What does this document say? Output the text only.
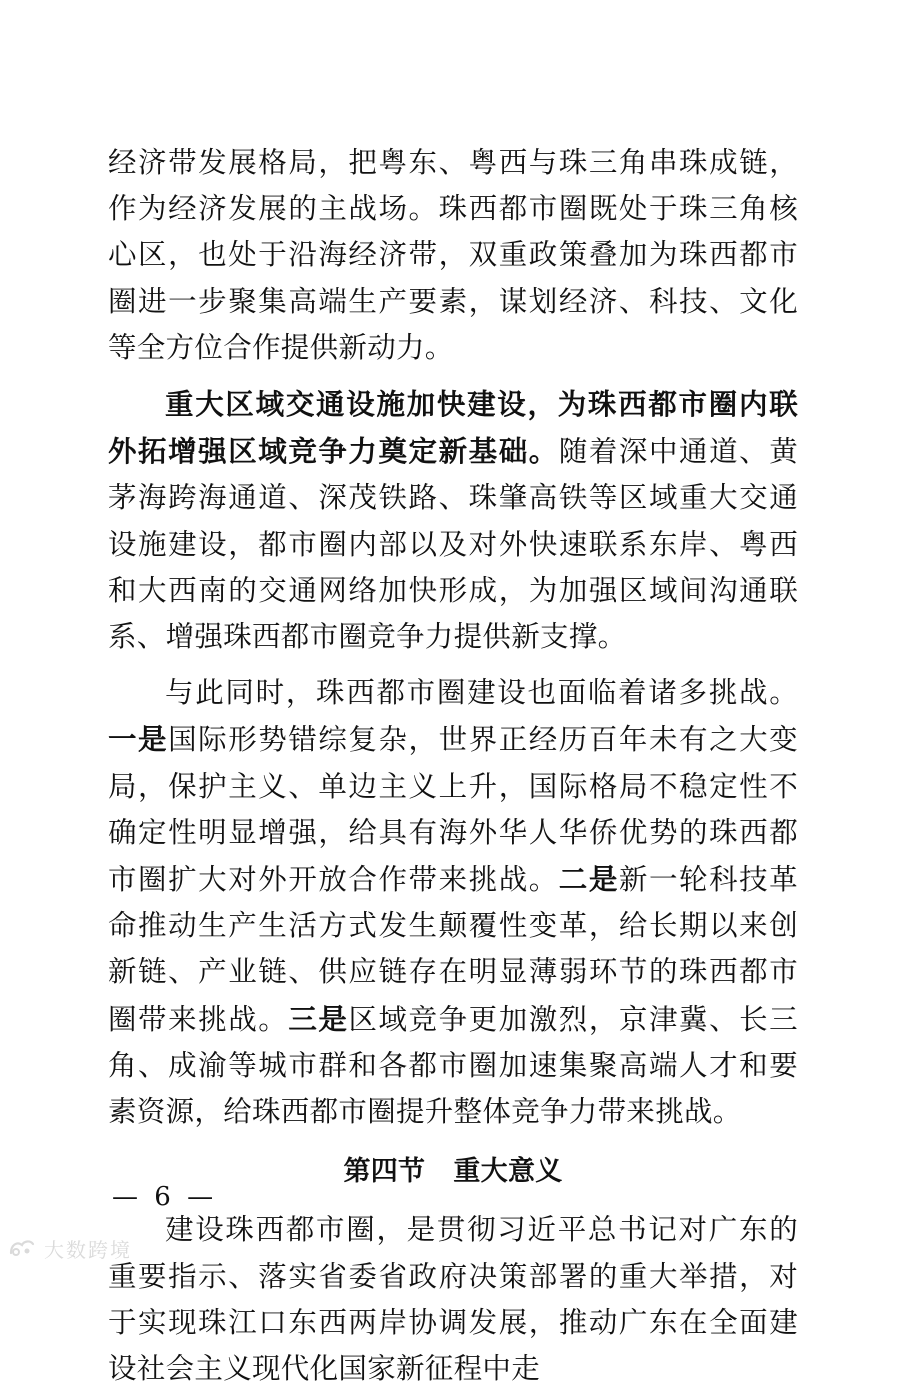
经济带发展格局，把粤东、粤西与珠三角串珠成链，作为经济发展的主战场。珠西都市圈既处于珠三角核心区，也处于沿海经济带，双重政策叠加为珠西都市圈进一步聚集高端生产要素，谋划经济、科技、文化等全方位合作提供新动力。

重大区域交通设施加快建设，为珠西都市圈内联外拓增强区域竞争力奠定新基础。随着深中通道、黄茅海跨海通道、深茂铁路、珠肇高铁等区域重大交通设施建设，都市圈内部以及对外快速联系东岸、粤西和大西南的交通网络加快形成，为加强区域间沟通联系、增强珠西都市圈竞争力提供新支撑。

与此同时，珠西都市圈建设也面临着诸多挑战。一是国际形势错综复杂，世界正经历百年未有之大变局，保护主义、单边主义上升，国际格局不稳定性不确定性明显增强，给具有海外华人华侨优势的珠西都市圈扩大对外开放合作带来挑战。二是新一轮科技革命推动生产生活方式发生颠覆性变革，给长期以来创新链、产业链、供应链存在明显薄弱环节的珠西都市圈带来挑战。三是区域竞争更加激烈，京津冀、长三角、成渝等城市群和各都市圈加速集聚高端人才和要素资源，给珠西都市圈提升整体竞争力带来挑战。

第四节 重大意义

建设珠西都市圈，是贯彻习近平总书记对广东的重要指示、落实省委省政府决策部署的重大举措，对于实现珠江口东西两岸协调发展，推动广东在全面建设社会主义现代化国家新征程中走

— 6 —
大数跨境
